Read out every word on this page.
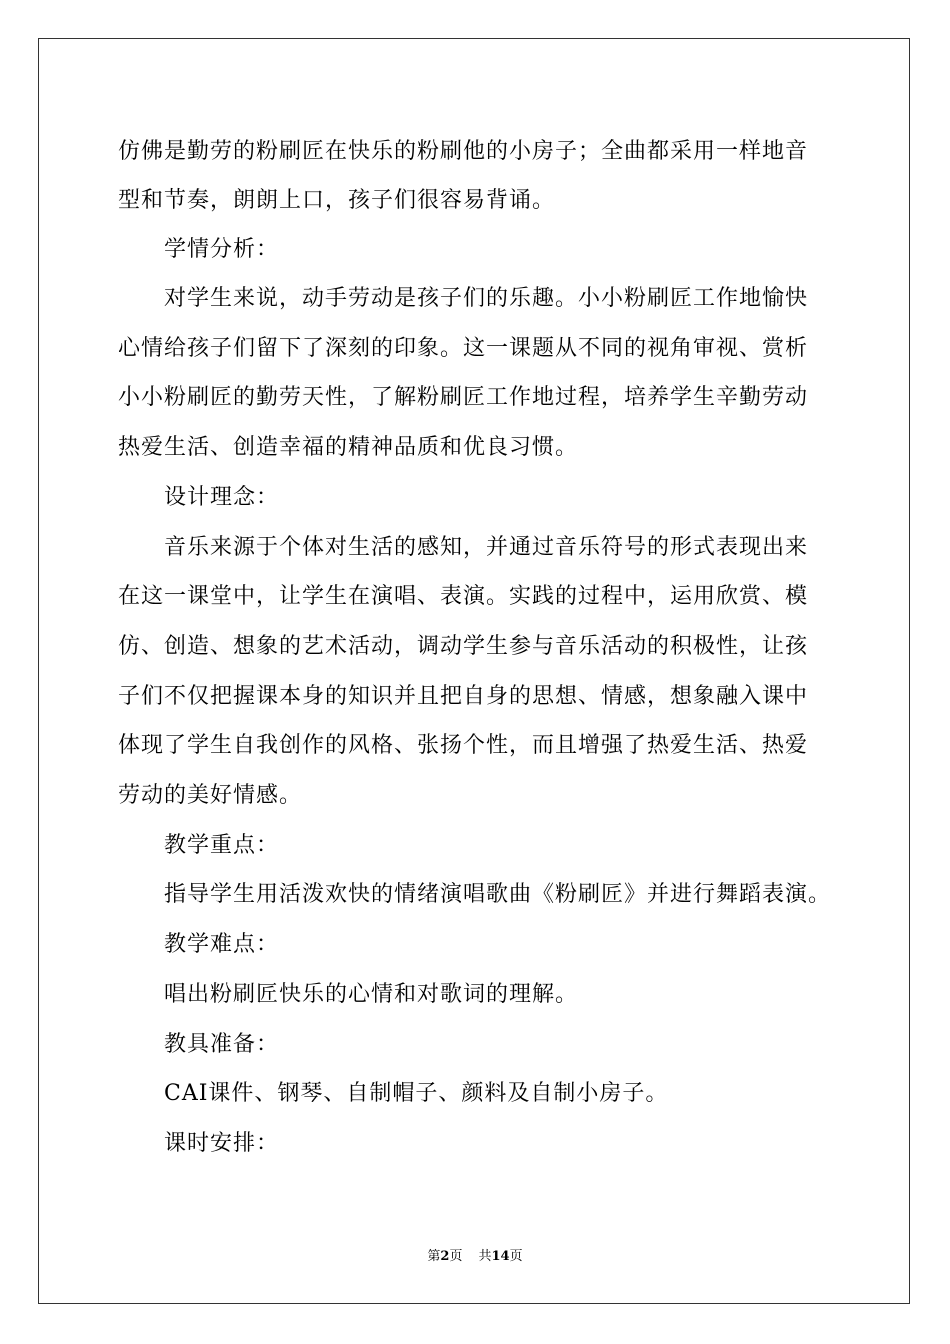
仿佛是勤劳的粉刷匠在快乐的粉刷他的小房子；全曲都采用一样地音
型和节奏，朗朗上口，孩子们很容易背诵。
学情分析：
对学生来说，动手劳动是孩子们的乐趣。小小粉刷匠工作地愉快
心情给孩子们留下了深刻的印象。这一课题从不同的视角审视、赏析
小小粉刷匠的勤劳天性，了解粉刷匠工作地过程，培养学生辛勤劳动
热爱生活、创造幸福的精神品质和优良习惯。
设计理念：
音乐来源于个体对生活的感知，并通过音乐符号的形式表现出来
在这一课堂中，让学生在演唱、表演。实践的过程中，运用欣赏、模
仿、创造、想象的艺术活动，调动学生参与音乐活动的积极性，让孩
子们不仅把握课本身的知识并且把自身的思想、情感，想象融入课中
体现了学生自我创作的风格、张扬个性，而且增强了热爱生活、热爱
劳动的美好情感。
教学重点：
指导学生用活泼欢快的情绪演唱歌曲《粉刷匠》并进行舞蹈表演。
教学难点：
唱出粉刷匠快乐的心情和对歌词的理解。
教具准备：
CAI课件、钢琴、自制帽子、颜料及自制小房子。
课时安排：
第2页 共14页
